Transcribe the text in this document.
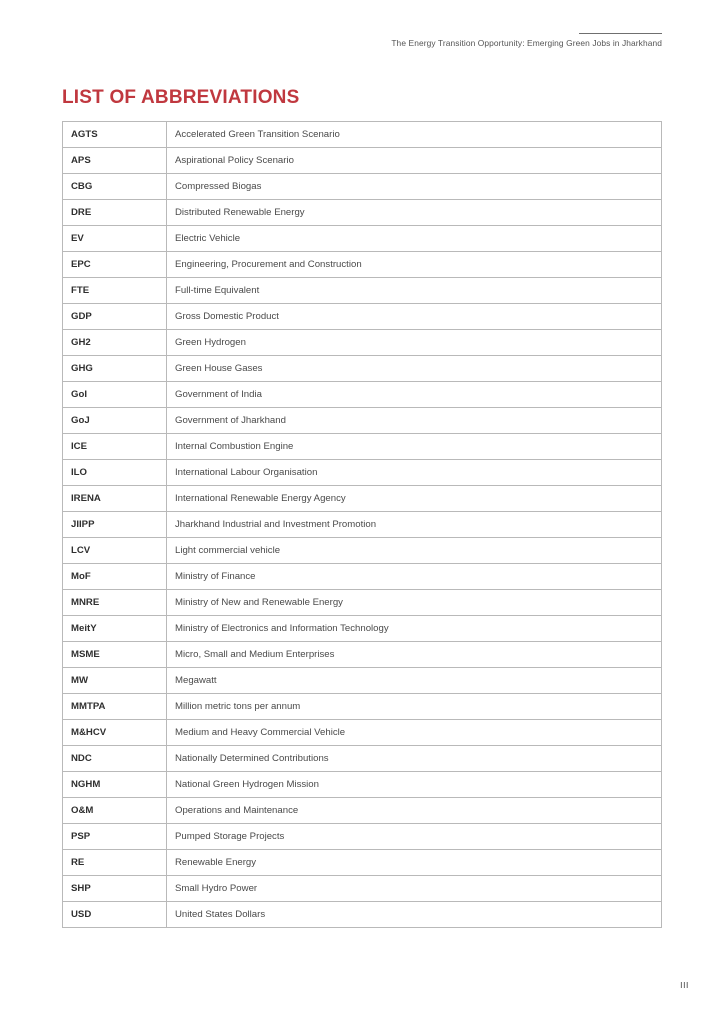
The Energy Transition Opportunity: Emerging Green Jobs in Jharkhand
LIST OF ABBREVIATIONS
AGTS	Accelerated Green Transition Scenario
APS	Aspirational Policy Scenario
CBG	Compressed Biogas
DRE	Distributed Renewable Energy
EV	Electric Vehicle
EPC	Engineering, Procurement and Construction
FTE	Full-time Equivalent
GDP	Gross Domestic Product
GH2	Green Hydrogen
GHG	Green House Gases
GoI	Government of India
GoJ	Government of Jharkhand
ICE	Internal Combustion Engine
ILO	International Labour Organisation
IRENA	International Renewable Energy Agency
JIIPP	Jharkhand Industrial and Investment Promotion
LCV	Light commercial vehicle
MoF	Ministry of Finance
MNRE	Ministry of New and Renewable Energy
MeitY	Ministry of Electronics and Information Technology
MSME	Micro, Small and Medium Enterprises
MW	Megawatt
MMTPA	Million metric tons per annum
M&HCV	Medium and Heavy Commercial Vehicle
NDC	Nationally Determined Contributions
NGHM	National Green Hydrogen Mission
O&M	Operations and Maintenance
PSP	Pumped Storage Projects
RE	Renewable Energy
SHP	Small Hydro Power
USD	United States Dollars
III
